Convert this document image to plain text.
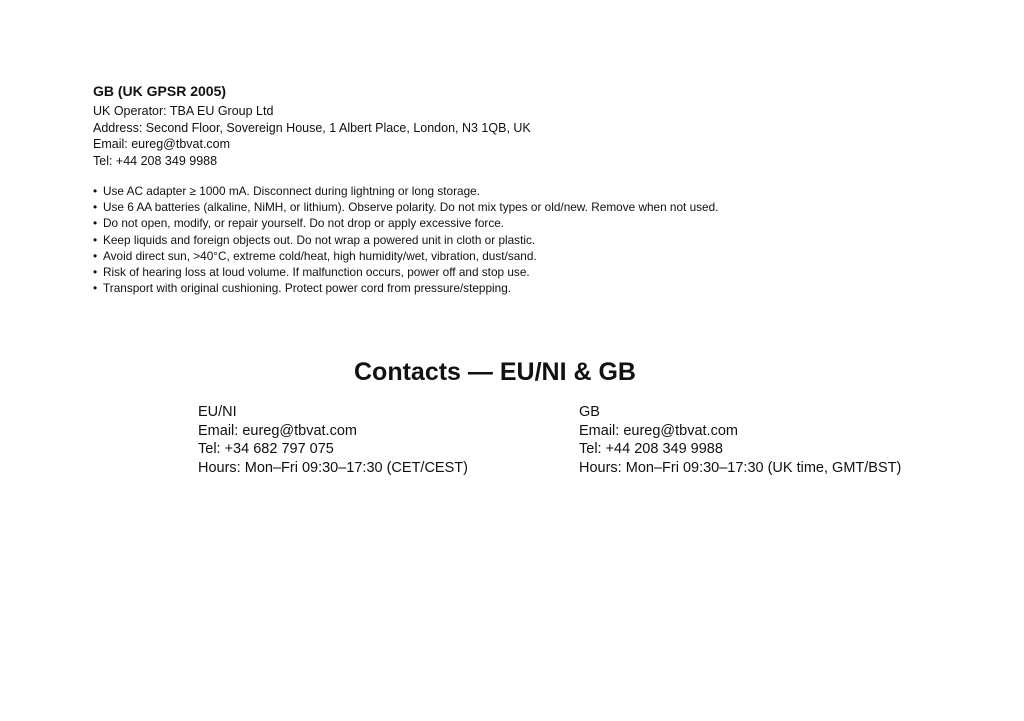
GB (UK GPSR 2005)
UK Operator: TBA EU Group Ltd
Address: Second Floor, Sovereign House, 1 Albert Place, London, N3 1QB, UK
Email: eureg@tbvat.com
Tel: +44 208 349 9988
• Use AC adapter ≥ 1000 mA. Disconnect during lightning or long storage.
• Use 6 AA batteries (alkaline, NiMH, or lithium). Observe polarity. Do not mix types or old/new. Remove when not used.
• Do not open, modify, or repair yourself. Do not drop or apply excessive force.
• Keep liquids and foreign objects out. Do not wrap a powered unit in cloth or plastic.
• Avoid direct sun, >40°C, extreme cold/heat, high humidity/wet, vibration, dust/sand.
• Risk of hearing loss at loud volume. If malfunction occurs, power off and stop use.
• Transport with original cushioning. Protect power cord from pressure/stepping.
Contacts — EU/NI & GB
EU/NI
Email: eureg@tbvat.com
Tel: +34 682 797 075
Hours: Mon–Fri 09:30–17:30 (CET/CEST)
GB
Email: eureg@tbvat.com
Tel: +44 208 349 9988
Hours: Mon–Fri 09:30–17:30 (UK time, GMT/BST)
